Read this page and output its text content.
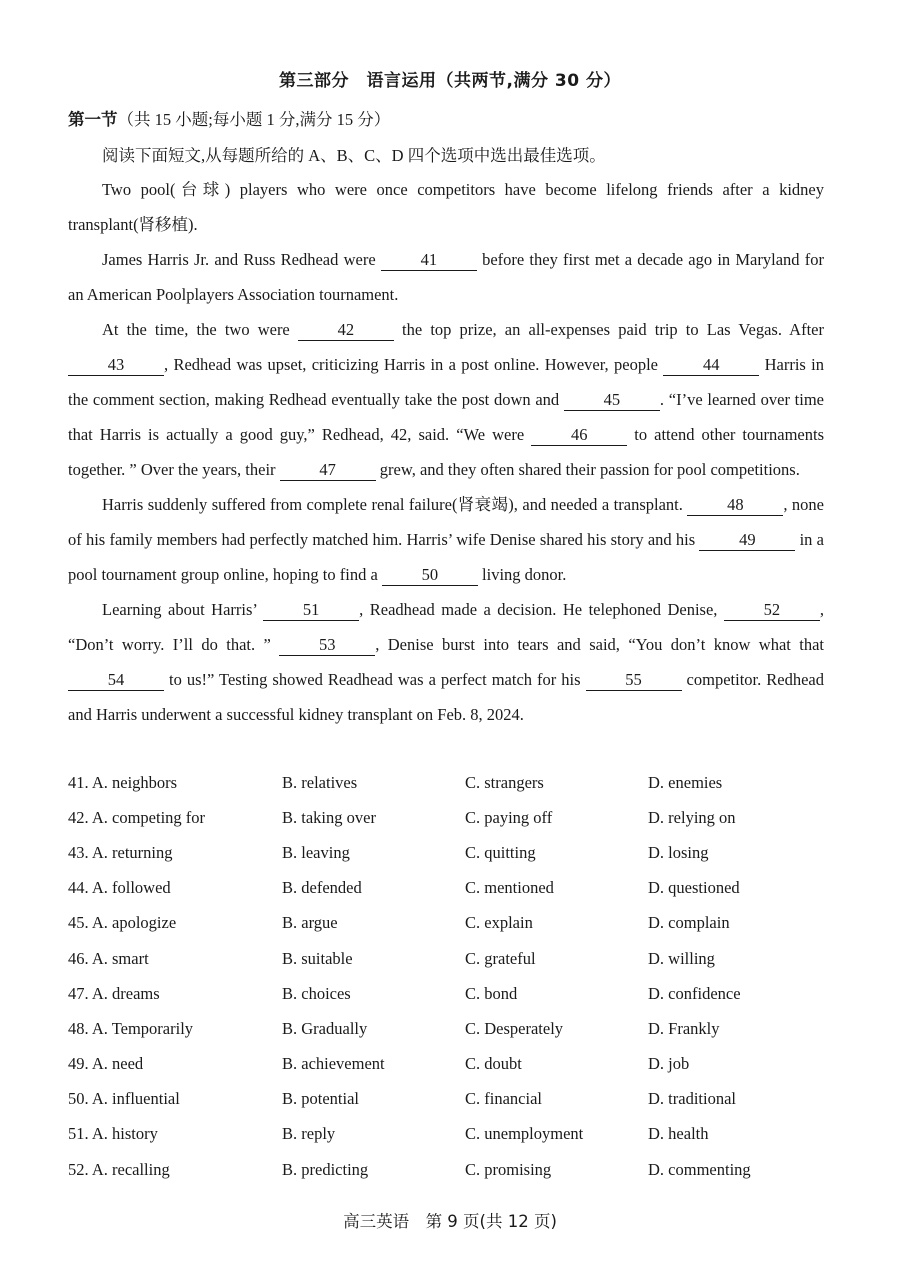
第三部分　语言运用（共两节,满分 30 分）
第一节（共 15 小题;每小题 1 分,满分 15 分）
阅读下面短文,从每题所给的 A、B、C、D 四个选项中选出最佳选项。

Two pool(台球) players who were once competitors have become lifelong friends after a kidney transplant(肾移植).

James Harris Jr. and Russ Redhead were 41 before they first met a decade ago in Maryland for an American Poolplayers Association tournament.

At the time, the two were 42 the top prize, an all-expenses paid trip to Las Vegas. After 43 , Redhead was upset, criticizing Harris in a post online. However, people 44 Harris in the comment section, making Redhead eventually take the post down and 45 . “I’ve learned over time that Harris is actually a good guy,” Redhead, 42, said. “We were 46 to attend other tournaments together. ” Over the years, their 47 grew, and they often shared their passion for pool competitions.

Harris suddenly suffered from complete renal failure(肾衰竭), and needed a transplant. 48 , none of his family members had perfectly matched him. Harris’ wife Denise shared his story and his 49 in a pool tournament group online, hoping to find a 50 living donor.

Learning about Harris’ 51 , Readhead made a decision. He telephoned Denise, 52 , “Don’t worry. I’ll do that. ” 53 , Denise burst into tears and said, “You don’t know what that 54 to us!” Testing showed Readhead was a perfect match for his 55 competitor. Redhead and Harris underwent a successful kidney transplant on Feb. 8, 2024.

41. A. neighbors	B. relatives	C. strangers	D. enemies
42. A. competing for	B. taking over	C. paying off	D. relying on
43. A. returning	B. leaving	C. quitting	D. losing
44. A. followed	B. defended	C. mentioned	D. questioned
45. A. apologize	B. argue	C. explain	D. complain
46. A. smart	B. suitable	C. grateful	D. willing
47. A. dreams	B. choices	C. bond	D. confidence
48. A. Temporarily	B. Gradually	C. Desperately	D. Frankly
49. A. need	B. achievement	C. doubt	D. job
50. A. influential	B. potential	C. financial	D. traditional
51. A. history	B. reply	C. unemployment	D. health
52. A. recalling	B. predicting	C. promising	D. commenting
高三英语　第 9 页(共 12 页)
